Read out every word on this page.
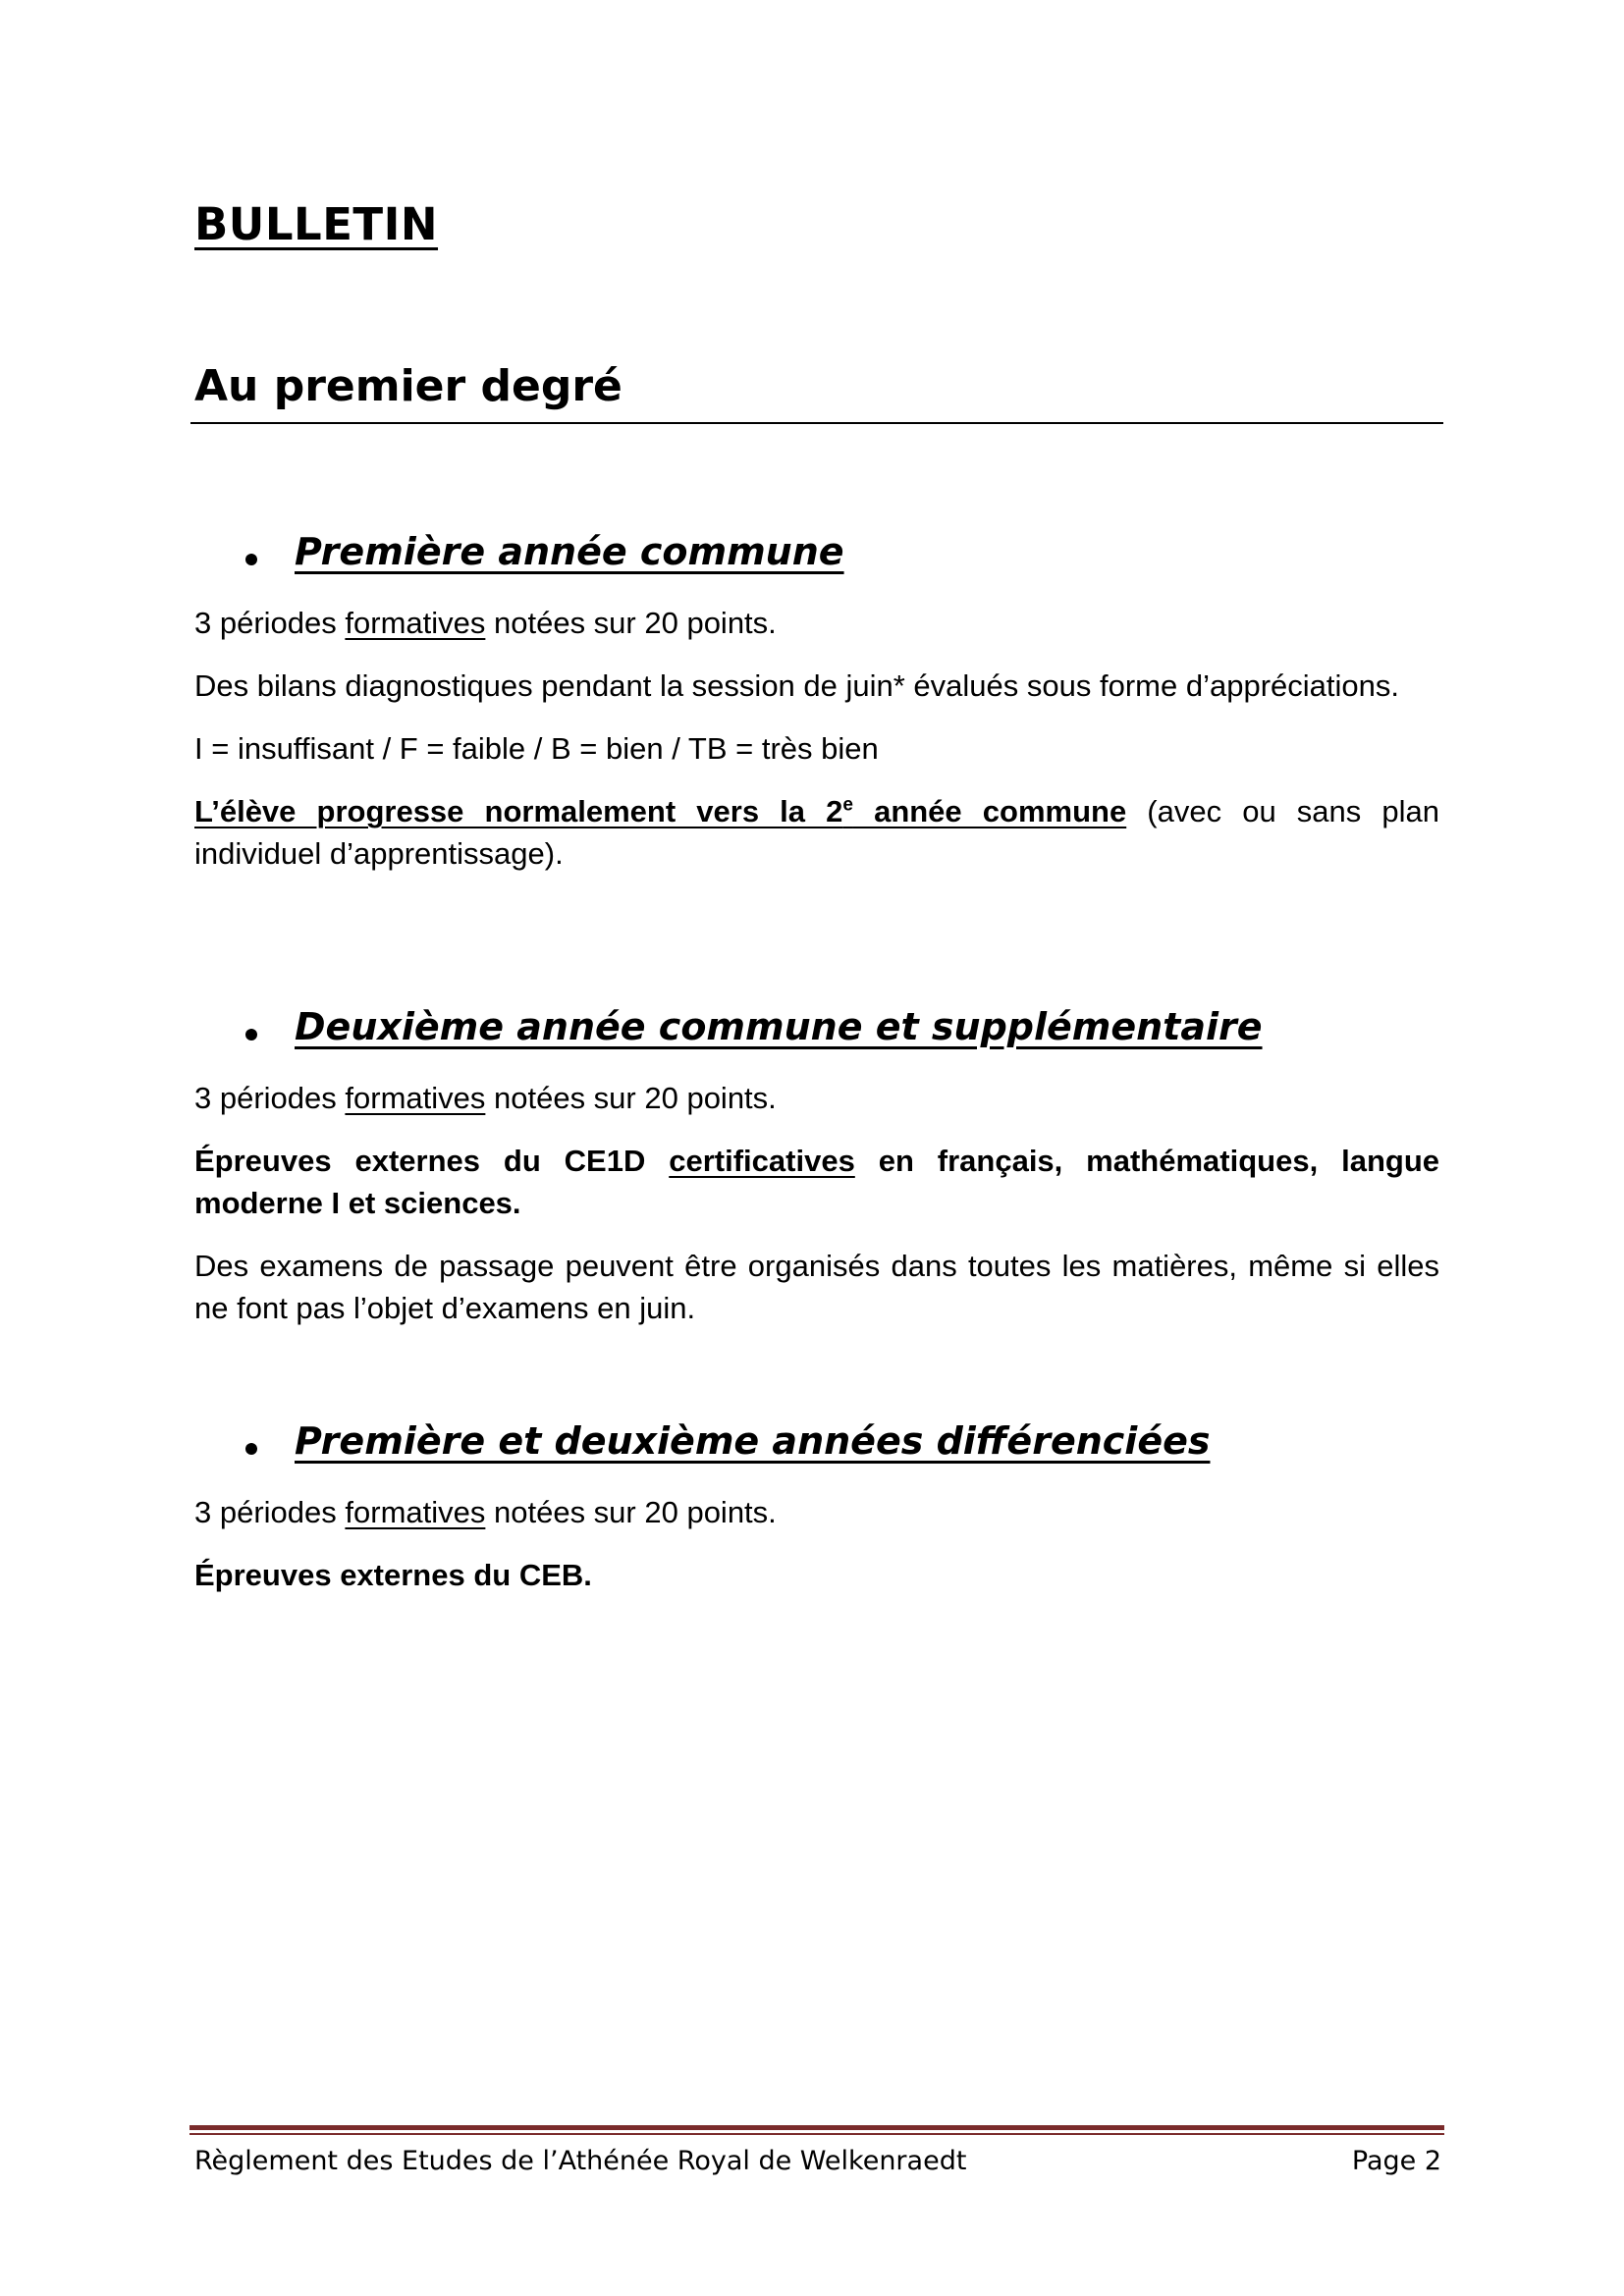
BULLETIN
Au premier degré
Première année commune

3 périodes formatives notées sur 20 points.

Des bilans diagnostiques pendant la session de juin* évalués sous forme d’appréciations.

I = insuffisant / F = faible / B = bien / TB = très bien

L’élève progresse normalement vers la 2e année commune (avec ou sans plan individuel d’apprentissage).

Deuxième année commune et supplémentaire

3 périodes formatives notées sur 20 points.

Épreuves externes du CE1D certificatives en français, mathématiques, langue moderne I et sciences.

Des examens de passage peuvent être organisés dans toutes les matières, même si elles ne font pas l’objet d’examens en juin.

Première et deuxième années différenciées

3 périodes formatives notées sur 20 points.

Épreuves externes du CEB.

Règlement des Etudes de l’Athénée Royal de Welkenraedt	Page 2
